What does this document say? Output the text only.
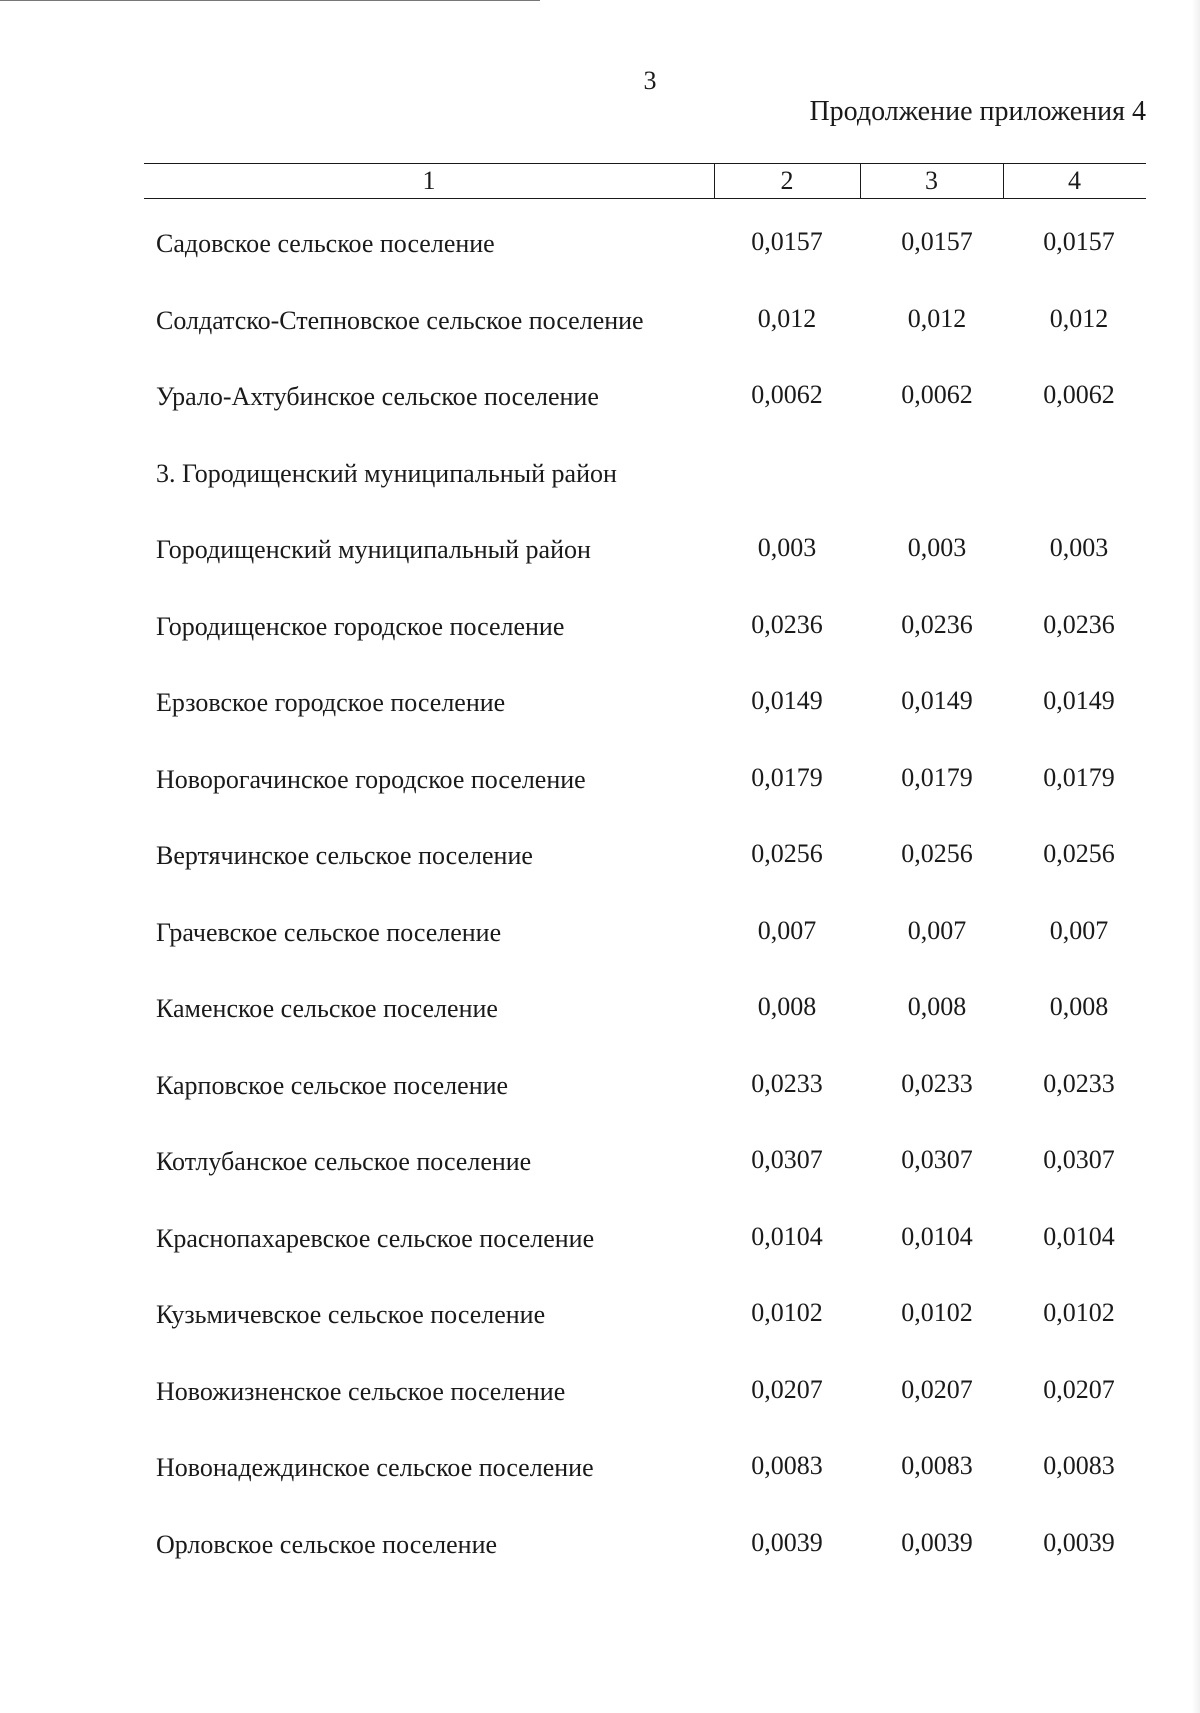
3
Продолжение приложения 4
1	2	3	4
Садовское сельское поселение	0,0157	0,0157	0,0157
Солдатско-Степновское сельское поселение	0,012	0,012	0,012
Урало-Ахтубинское сельское поселение	0,0062	0,0062	0,0062
3. Городищенский муниципальный район
Городищенский муниципальный район	0,003	0,003	0,003
Городищенское городское поселение	0,0236	0,0236	0,0236
Ерзовское городское поселение	0,0149	0,0149	0,0149
Новорогачинское городское поселение	0,0179	0,0179	0,0179
Вертячинское сельское поселение	0,0256	0,0256	0,0256
Грачевское сельское поселение	0,007	0,007	0,007
Каменское сельское поселение	0,008	0,008	0,008
Карповское сельское поселение	0,0233	0,0233	0,0233
Котлубанское сельское поселение	0,0307	0,0307	0,0307
Краснопахаревское сельское поселение	0,0104	0,0104	0,0104
Кузьмичевское сельское поселение	0,0102	0,0102	0,0102
Новожизненское сельское поселение	0,0207	0,0207	0,0207
Новонадеждинское сельское поселение	0,0083	0,0083	0,0083
Орловское сельское поселение	0,0039	0,0039	0,0039
